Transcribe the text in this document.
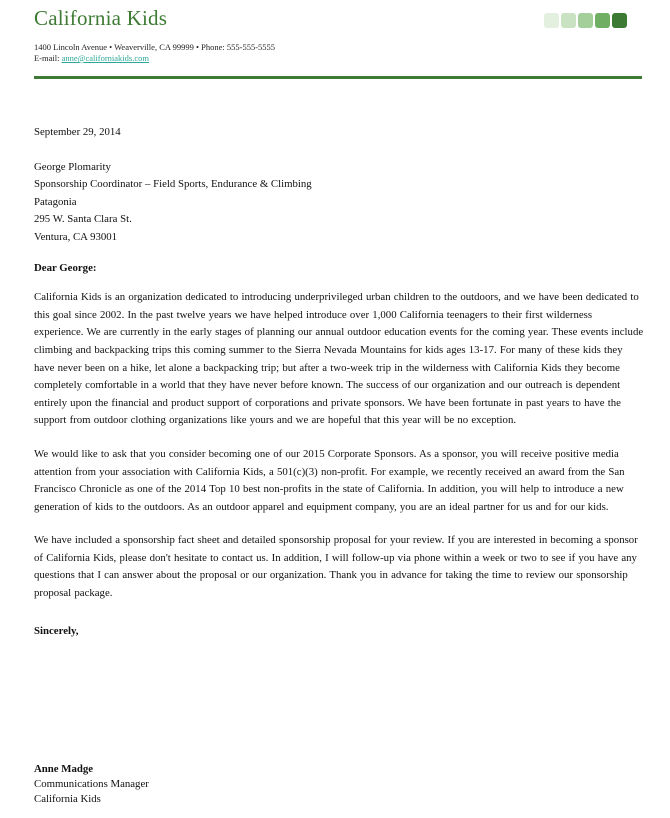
California Kids
1400 Lincoln Avenue • Weaverville, CA 99999 • Phone: 555-555-5555
E-mail: anne@californiakids.com
September 29, 2014
George Plomarity
Sponsorship Coordinator – Field Sports, Endurance & Climbing
Patagonia
295 W. Santa Clara St.
Ventura, CA 93001
Dear George:

California Kids is an organization dedicated to introducing underprivileged urban children to the outdoors, and we have been dedicated to this goal since 2002. In the past twelve years we have helped introduce over 1,000 California teenagers to their first wilderness experience. We are currently in the early stages of planning our annual outdoor education events for the coming year. These events include climbing and backpacking trips this coming summer to the Sierra Nevada Mountains for kids ages 13-17. For many of these kids they have never been on a hike, let alone a backpacking trip; but after a two-week trip in the wilderness with California Kids they become completely comfortable in a world that they have never before known. The success of our organization and our outreach is dependent entirely upon the financial and product support of corporations and private sponsors. We have been fortunate in past years to have the support from outdoor clothing organizations like yours and we are hopeful that this year will be no exception.

We would like to ask that you consider becoming one of our 2015 Corporate Sponsors. As a sponsor, you will receive positive media attention from your association with California Kids, a 501(c)(3) non-profit. For example, we recently received an award from the San Francisco Chronicle as one of the 2014 Top 10 best non-profits in the state of California. In addition, you will help to introduce a new generation of kids to the outdoors. As an outdoor apparel and equipment company, you are an ideal partner for us and for our kids.

We have included a sponsorship fact sheet and detailed sponsorship proposal for your review. If you are interested in becoming a sponsor of California Kids, please don't hesitate to contact us. In addition, I will follow-up via phone within a week or two to see if you have any questions that I can answer about the proposal or our organization. Thank you in advance for taking the time to review our sponsorship proposal package.

Sincerely,
Anne Madge
Communications Manager
California Kids
